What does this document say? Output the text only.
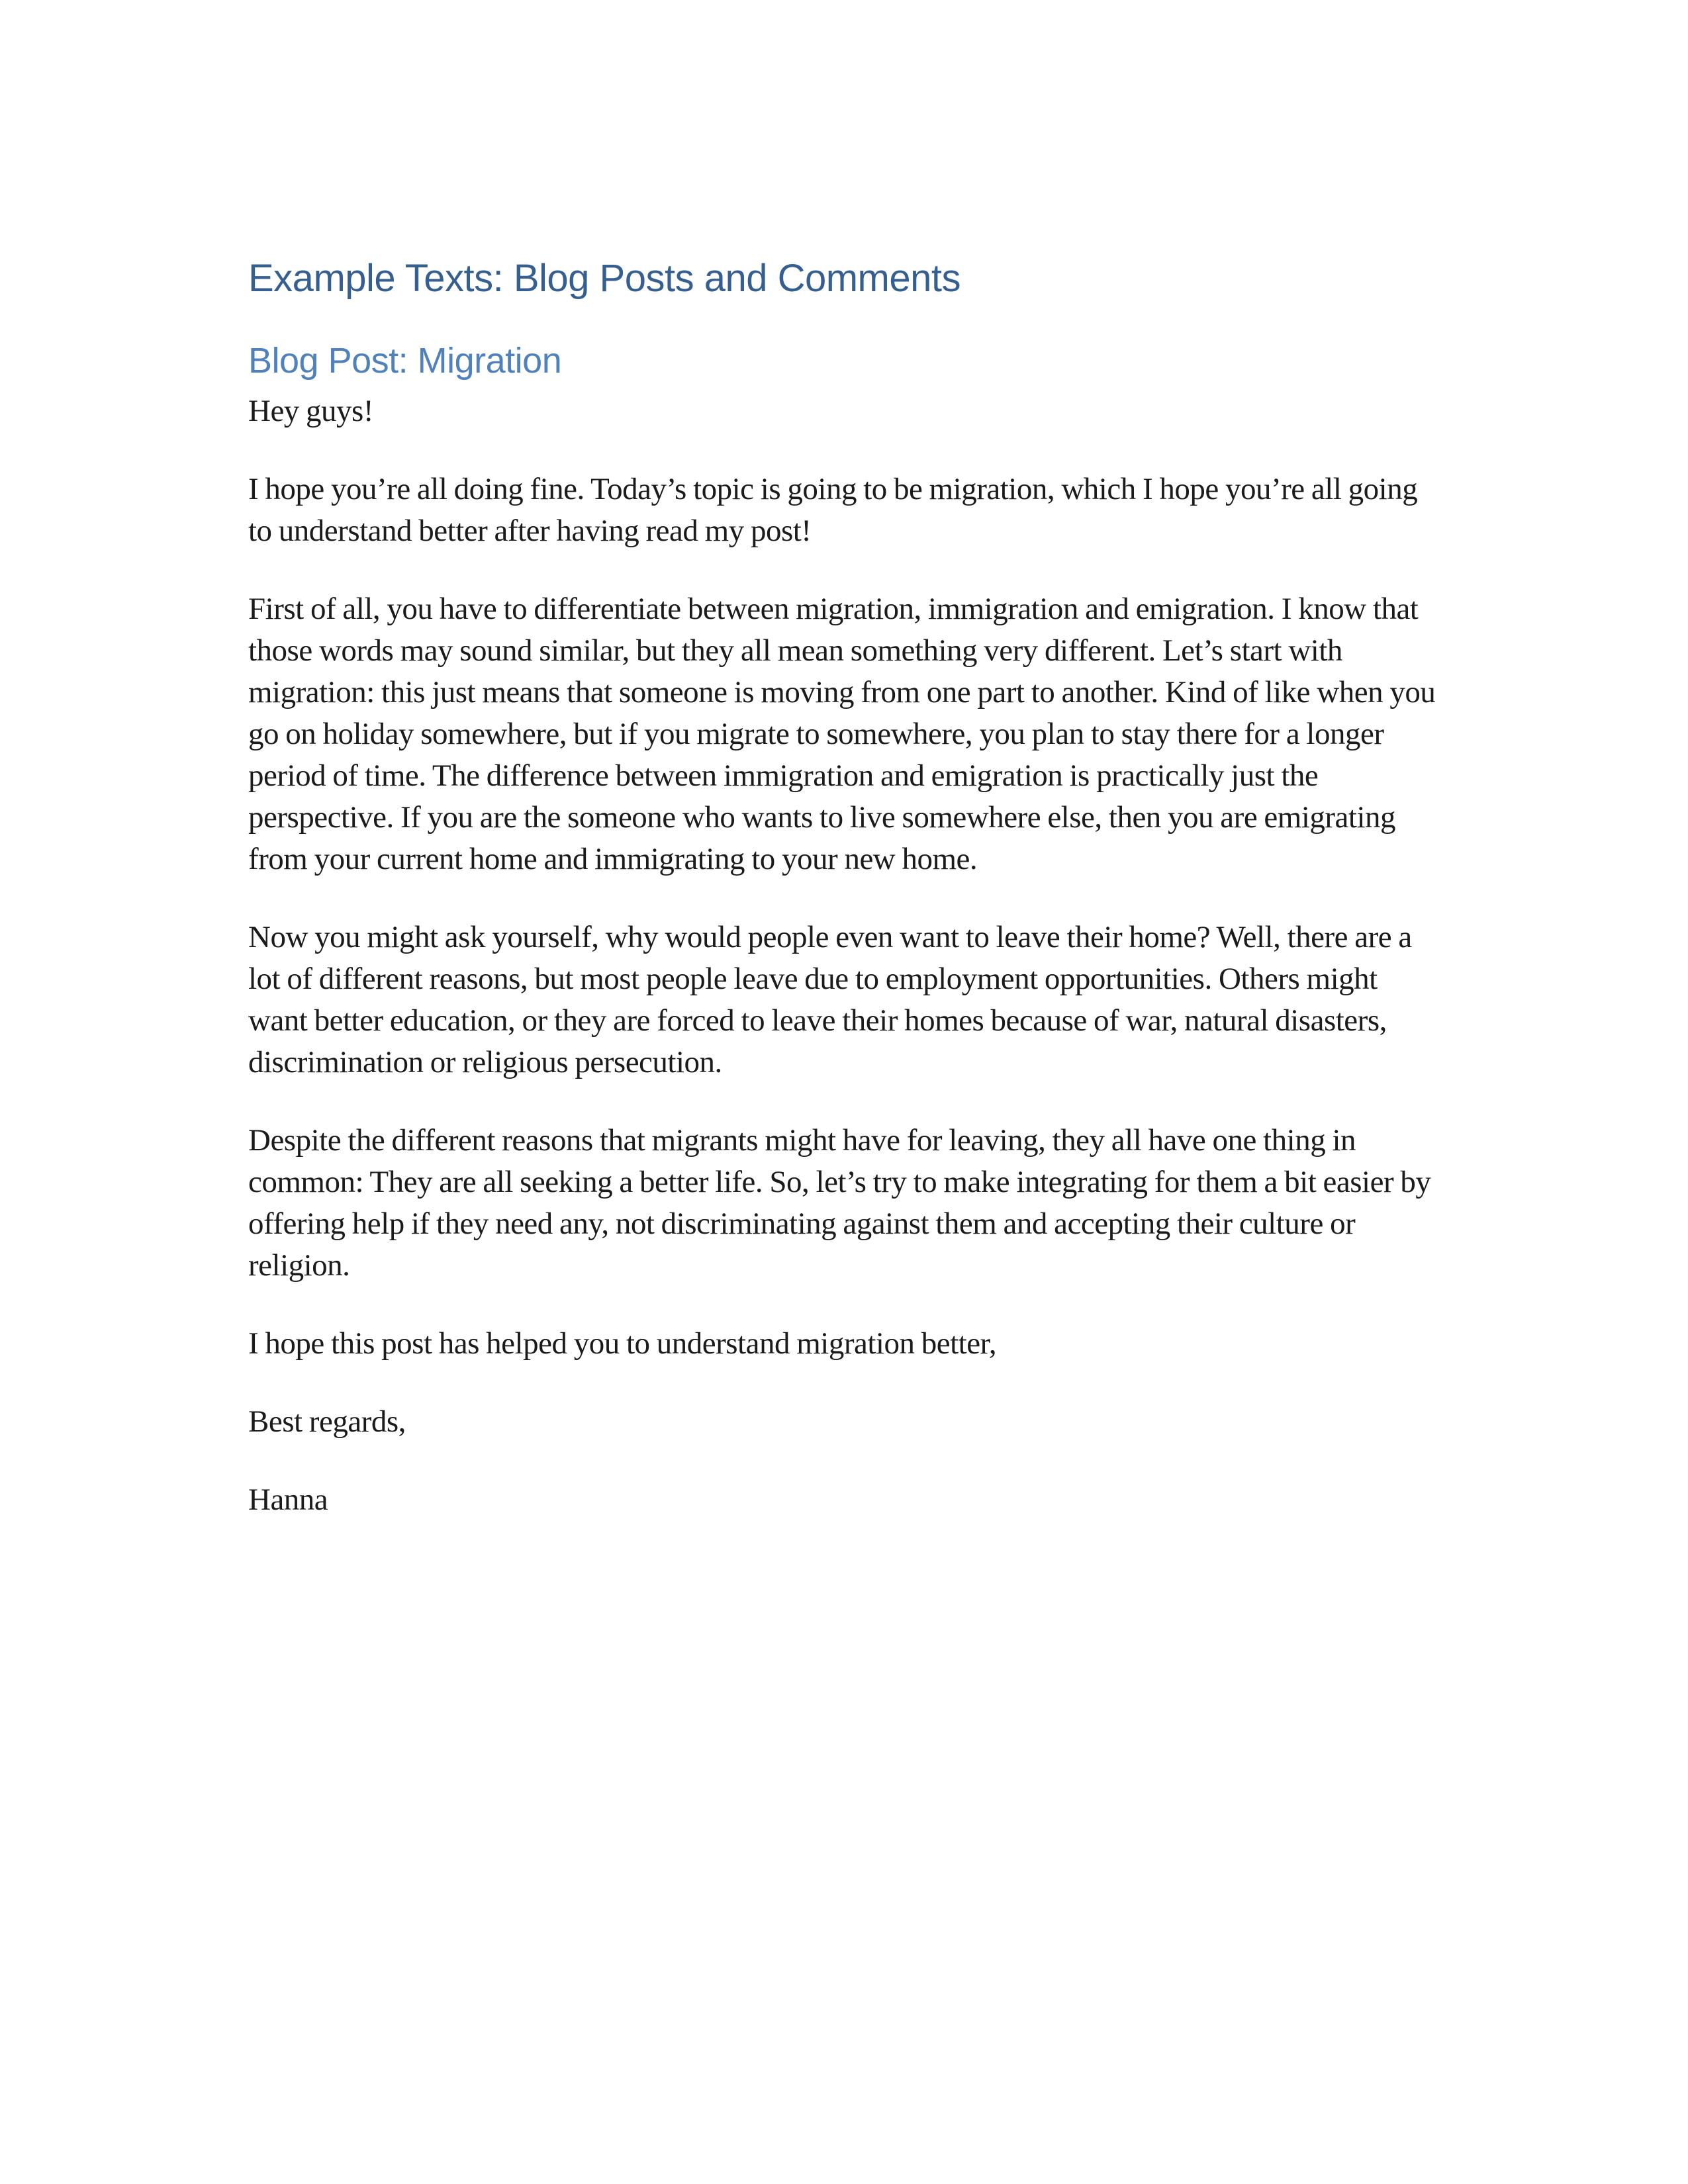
Example Texts: Blog Posts and Comments
Blog Post: Migration

Hey guys!

I hope you’re all doing fine. Today’s topic is going to be migration, which I hope you’re all going to understand better after having read my post!

First of all, you have to differentiate between migration, immigration and emigration. I know that those words may sound similar, but they all mean something very different. Let’s start with migration: this just means that someone is moving from one part to another. Kind of like when you go on holiday somewhere, but if you migrate to somewhere, you plan to stay there for a longer period of time. The difference between immigration and emigration is practically just the perspective. If you are the someone who wants to live somewhere else, then you are emigrating from your current home and immigrating to your new home.

Now you might ask yourself, why would people even want to leave their home? Well, there are a lot of different reasons, but most people leave due to employment opportunities. Others might want better education, or they are forced to leave their homes because of war, natural disasters, discrimination or religious persecution.

Despite the different reasons that migrants might have for leaving, they all have one thing in common: They are all seeking a better life. So, let’s try to make integrating for them a bit easier by offering help if they need any, not discriminating against them and accepting their culture or religion.

I hope this post has helped you to understand migration better,

Best regards,

Hanna
